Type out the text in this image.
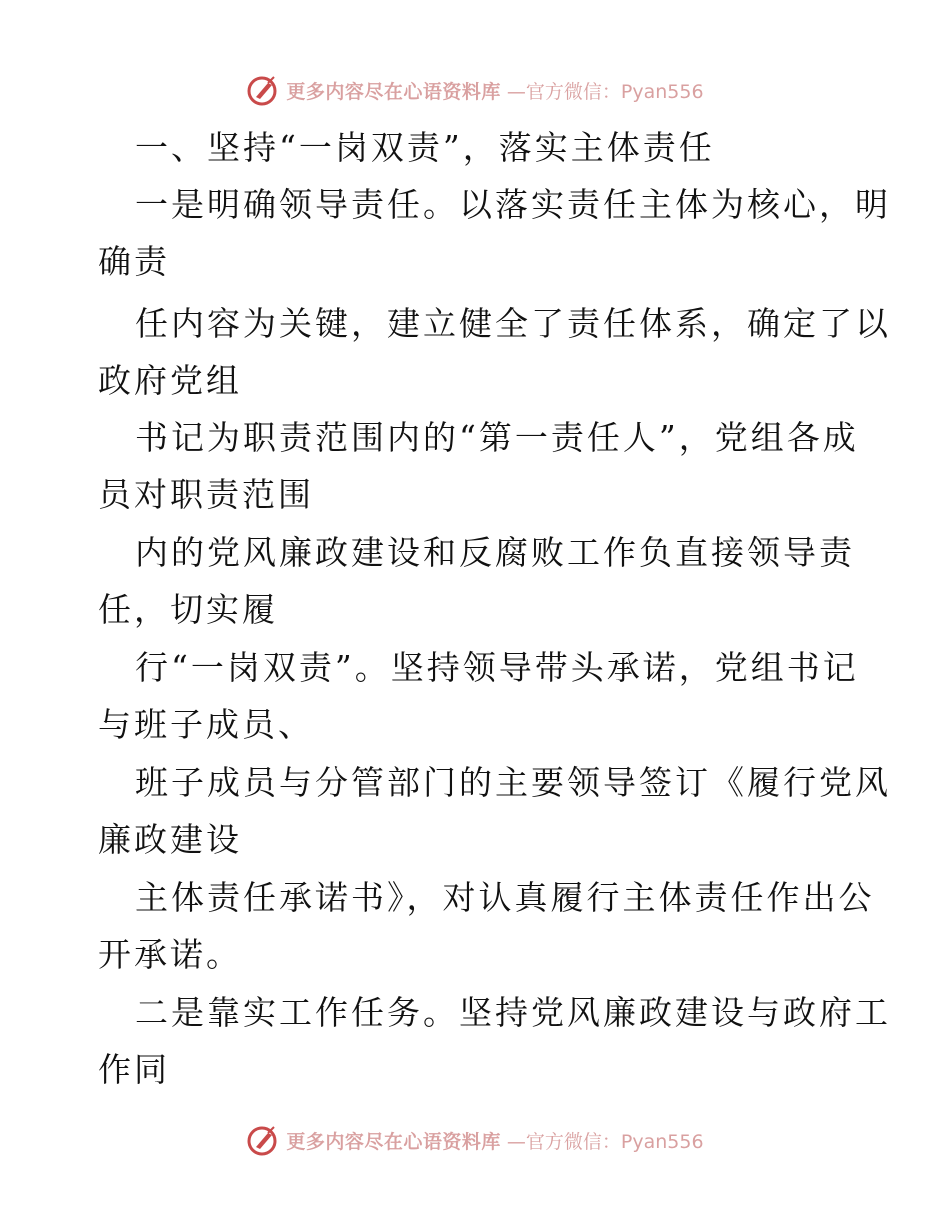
更多内容尽在心语资料库 —官方微信：Pyan556
一、坚持“一岗双责”，落实主体责任
一是明确领导责任。以落实责任主体为核心，明
确责
任内容为关键，建立健全了责任体系，确定了以
政府党组
书记为职责范围内的“第一责任人”，党组各成
员对职责范围
内的党风廉政建设和反腐败工作负直接领导责
任，切实履
行“一岗双责”。坚持领导带头承诺，党组书记
与班子成员、
班子成员与分管部门的主要领导签订《履行党风
廉政建设
主体责任承诺书》，对认真履行主体责任作出公
开承诺。
二是靠实工作任务。坚持党风廉政建设与政府工
作同
更多内容尽在心语资料库 —官方微信：Pyan556
